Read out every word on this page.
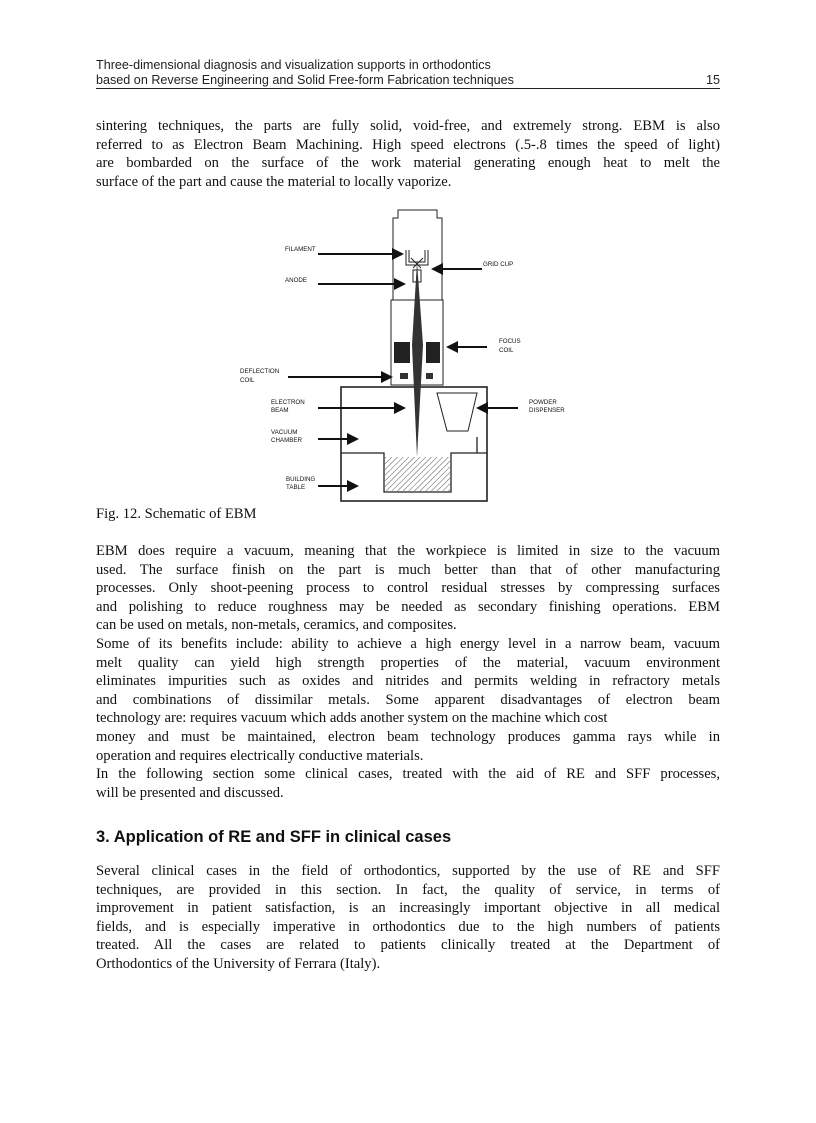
Three-dimensional diagnosis and visualization supports in orthodontics
based on Reverse Engineering and Solid Free-form Fabrication techniques	15
sintering techniques, the parts are fully solid, void-free, and extremely strong. EBM is also
referred to as Electron Beam Machining. High speed electrons (.5-.8 times the speed of light)
are bombarded on the surface of the work material generating enough heat to melt the
surface of the part and cause the material to locally vaporize.
FILAMENT
GRID CUP
ANODE
FOCUS
COIL
DEFLECTION
COIL
ELECTRON
BEAM
POWDER
DISPENSER
VACUUM
CHAMBER
BUILDING
TABLE
Fig. 12. Schematic of EBM
EBM does require a vacuum, meaning that the workpiece is limited in size to the vacuum
used. The surface finish on the part is much better than that of other manufacturing
processes. Only shoot-peening process to control residual stresses by compressing surfaces
and polishing to reduce roughness may be needed as secondary finishing operations. EBM
can be used on metals, non-metals, ceramics, and composites.
Some of its benefits include: ability to achieve a high energy level in a narrow beam, vacuum
melt quality can yield high strength properties of the material, vacuum environment
eliminates impurities such as oxides and nitrides and permits welding in refractory metals
and combinations of dissimilar metals. Some apparent disadvantages of electron beam
technology are: requires vacuum which adds another system on the machine which cost
money and must be maintained, electron beam technology produces gamma rays while in
operation and requires electrically conductive materials.
In the following section some clinical cases, treated with the aid of RE and SFF processes,
will be presented and discussed.
3. Application of RE and SFF in clinical cases
Several clinical cases in the field of orthodontics, supported by the use of RE and SFF
techniques, are provided in this section. In fact, the quality of service, in terms of
improvement in patient satisfaction, is an increasingly important objective in all medical
fields, and is especially imperative in orthodontics due to the high numbers of patients
treated. All the cases are related to patients clinically treated at the Department of
Orthodontics of the University of Ferrara (Italy).
